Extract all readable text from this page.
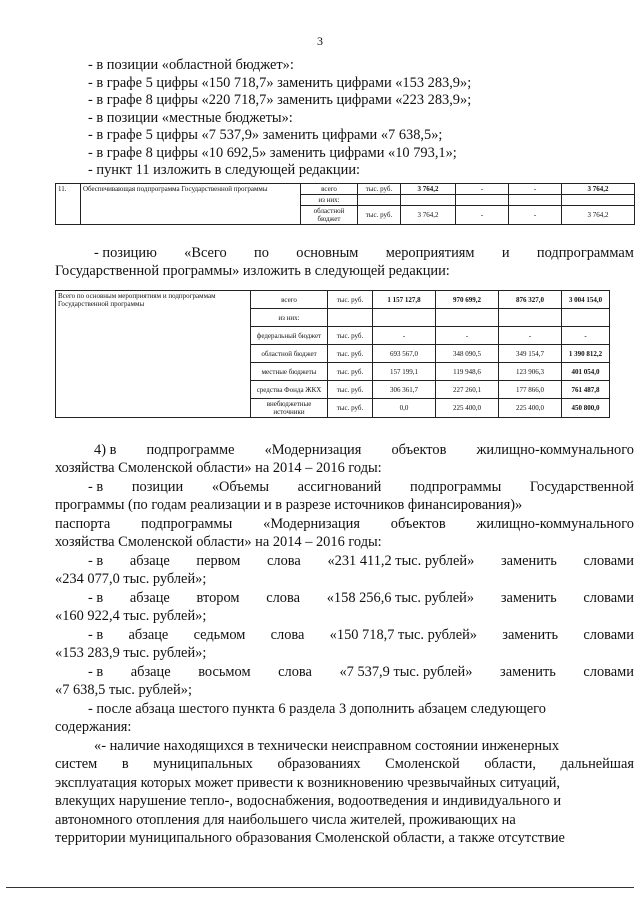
3
- в позиции «областной бюджет»:
- в графе 5 цифры «150 718,7» заменить цифрами «153 283,9»;
- в графе 8 цифры «220 718,7» заменить цифрами «223 283,9»;
- в позиции «местные бюджеты»:
- в графе 5 цифры «7 537,9» заменить цифрами «7 638,5»;
- в графе 8 цифры «10 692,5» заменить цифрами «10 793,1»;
- пункт 11 изложить в следующей редакции:
11.	Обеспечивающая подпрограмма Государственной программы	всего	тыс. руб.	3 764,2	-	-	3 764,2
		из них:					
		областной бюджет	тыс. руб.	3 764,2	-	-	3 764,2
- позицию «Всего по основным мероприятиям и подпрограммам
Государственной программы» изложить в следующей редакции:
Всего по основным мероприятиям и подпрограммам Государственной программы	всего	тыс. руб.	1 157 127,8	970 699,2	876 327,0	3 004 154,0
	из них:					
	федеральный бюджет	тыс. руб.	-	-	-	-
	областной бюджет	тыс. руб.	693 567,0	348 090,5	349 154,7	1 390 812,2
	местные бюджеты	тыс. руб.	157 199,1	119 948,6	123 906,3	401 054,0
	средства Фонда ЖКХ	тыс. руб.	306 361,7	227 260,1	177 866,0	761 487,8
	внебюджетные источники	тыс. руб.	0,0	225 400,0	225 400,0	450 800,0
4) в подпрограмме «Модернизация объектов жилищно-коммунального
хозяйства Смоленской области» на 2014 – 2016 годы:
- в позиции «Объемы ассигнований подпрограммы Государственной
программы (по годам реализации и в разрезе источников финансирования)»
паспорта подпрограммы «Модернизация объектов жилищно-коммунального
хозяйства Смоленской области» на 2014 – 2016 годы:
- в абзаце первом слова «231 411,2 тыс. рублей» заменить словами
«234 077,0 тыс. рублей»;
- в абзаце втором слова «158 256,6 тыс. рублей» заменить словами
«160 922,4 тыс. рублей»;
- в абзаце седьмом слова «150 718,7 тыс. рублей» заменить словами
«153 283,9 тыс. рублей»;
- в абзаце восьмом слова «7 537,9 тыс. рублей» заменить словами
«7 638,5 тыс. рублей»;
- после абзаца шестого пункта 6 раздела 3 дополнить абзацем следующего
содержания:
«- наличие находящихся в технически неисправном состоянии инженерных
систем в муниципальных образованиях Смоленской области, дальнейшая
эксплуатация которых может привести к возникновению чрезвычайных ситуаций,
влекущих нарушение тепло-, водоснабжения, водоотведения и индивидуального и
автономного отопления для наибольшего числа жителей, проживающих на
территории муниципального образования Смоленской области, а также отсутствие
